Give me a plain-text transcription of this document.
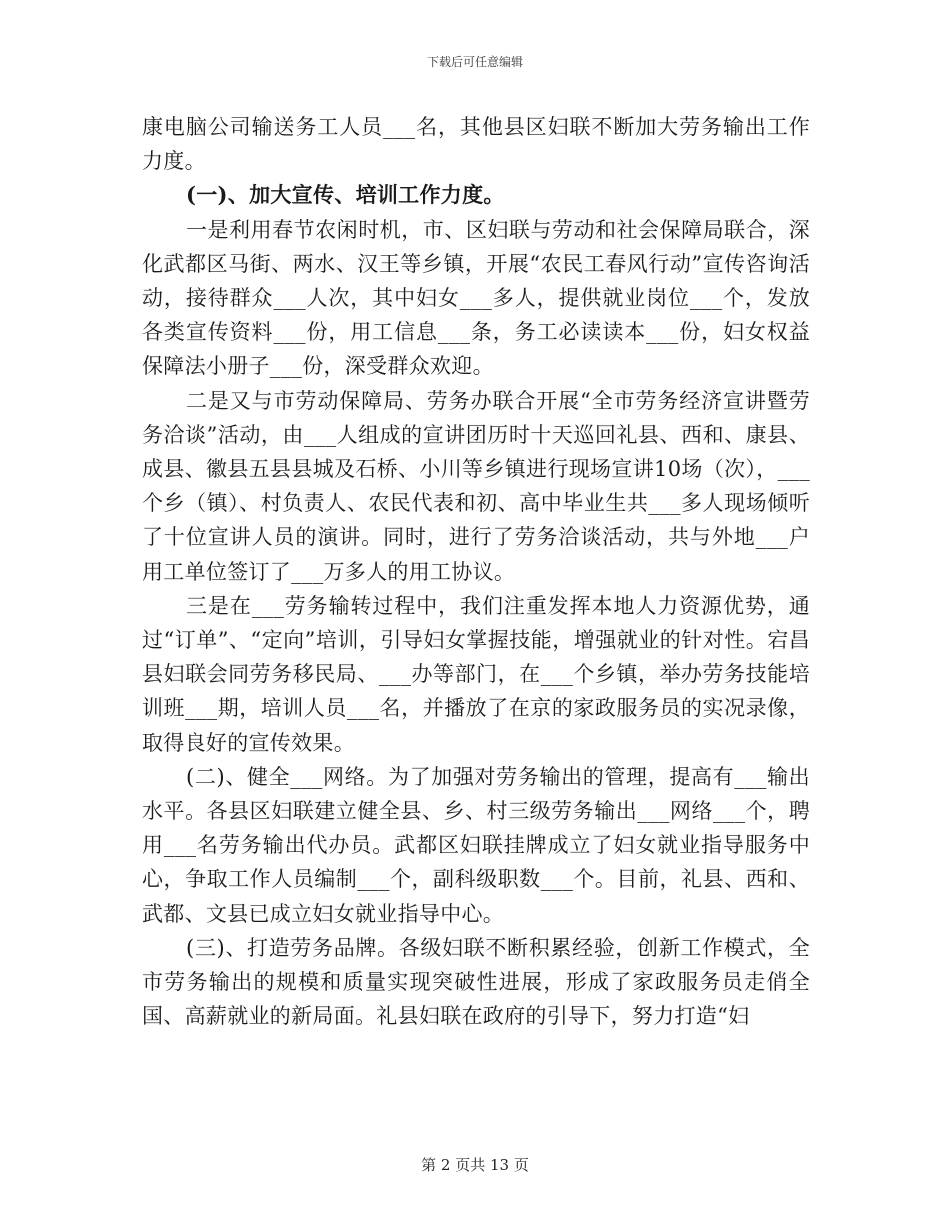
下载后可任意编辑

康电脑公司输送务工人员___名，其他县区妇联不断加大劳务输出工作力度。

(一)、加大宣传、培训工作力度。

一是利用春节农闲时机，市、区妇联与劳动和社会保障局联合，深化武都区马街、两水、汉王等乡镇，开展“农民工春风行动”宣传咨询活动，接待群众___人次，其中妇女___多人，提供就业岗位___个，发放各类宣传资料___份，用工信息___条，务工必读读本___份，妇女权益保障法小册子___份，深受群众欢迎。

二是又与市劳动保障局、劳务办联合开展“全市劳务经济宣讲暨劳务洽谈”活动，由___人组成的宣讲团历时十天巡回礼县、西和、康县、成县、徽县五县县城及石桥、小川等乡镇进行现场宣讲10场（次），___个乡（镇）、村负责人、农民代表和初、高中毕业生共___多人现场倾听了十位宣讲人员的演讲。同时，进行了劳务洽谈活动，共与外地___户用工单位签订了___万多人的用工协议。

三是在___劳务输转过程中，我们注重发挥本地人力资源优势，通过“订单”、“定向”培训，引导妇女掌握技能，增强就业的针对性。宕昌县妇联会同劳务移民局、___办等部门，在___个乡镇，举办劳务技能培训班___期，培训人员___名，并播放了在京的家政服务员的实况录像，取得良好的宣传效果。

(二)、健全___网络。为了加强对劳务输出的管理，提高有___输出水平。各县区妇联建立健全县、乡、村三级劳务输出___网络___个，聘用___名劳务输出代办员。武都区妇联挂牌成立了妇女就业指导服务中心，争取工作人员编制___个，副科级职数___个。目前，礼县、西和、武都、文县已成立妇女就业指导中心。

(三)、打造劳务品牌。各级妇联不断积累经验，创新工作模式，全市劳务输出的规模和质量实现突破性进展，形成了家政服务员走俏全国、高薪就业的新局面。礼县妇联在政府的引导下，努力打造“妇

第 2 页共 13 页
